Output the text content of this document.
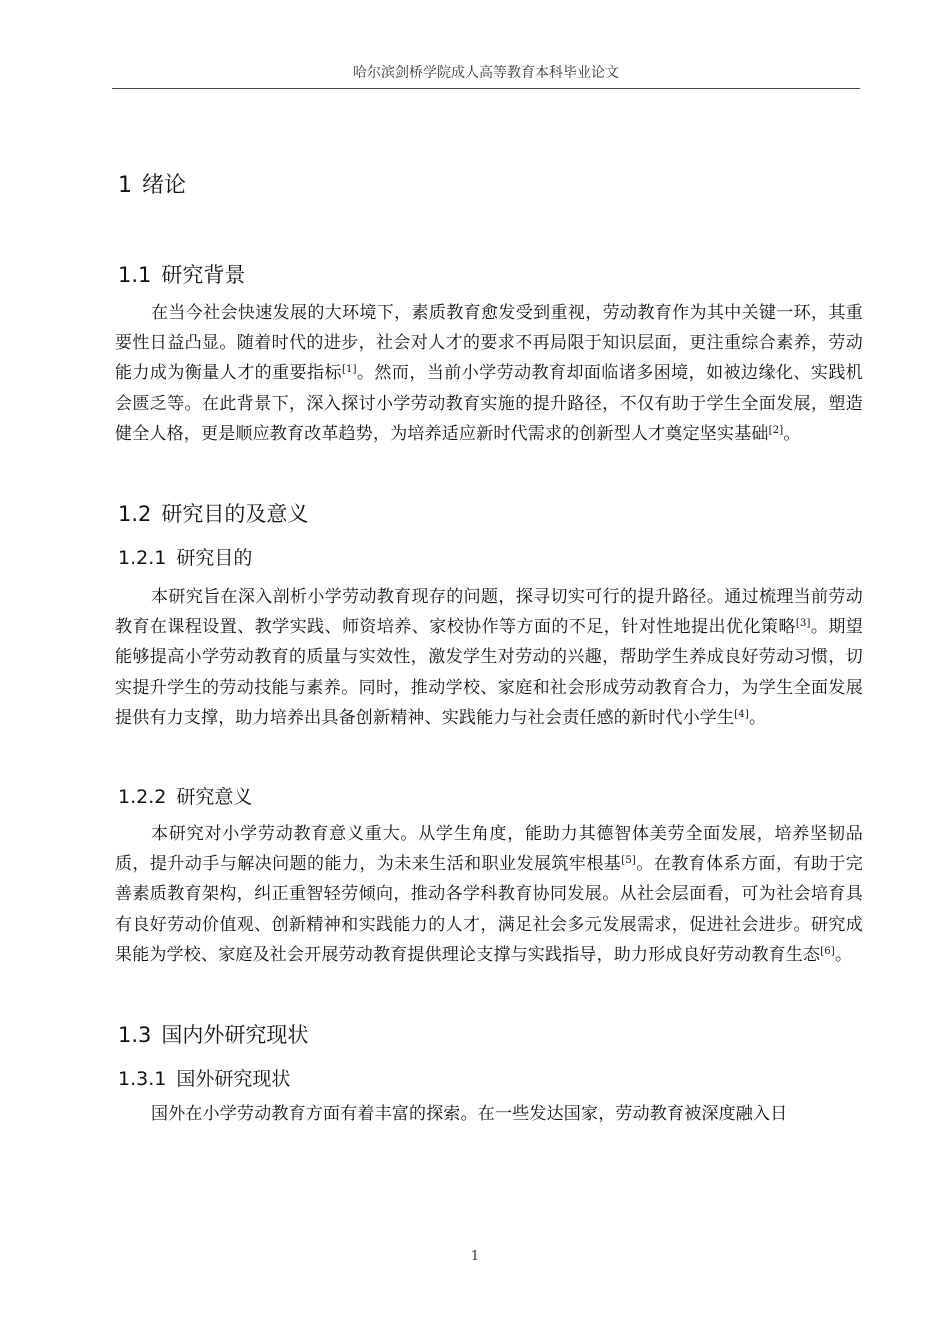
哈尔滨剑桥学院成人高等教育本科毕业论文
1 绪论
1.1 研究背景

在当今社会快速发展的大环境下，素质教育愈发受到重视，劳动教育作为其中关键一环，其重要性日益凸显。随着时代的进步，社会对人才的要求不再局限于知识层面，更注重综合素养，劳动能力成为衡量人才的重要指标[1]。然而，当前小学劳动教育却面临诸多困境，如被边缘化、实践机会匮乏等。在此背景下，深入探讨小学劳动教育实施的提升路径，不仅有助于学生全面发展，塑造健全人格，更是顺应教育改革趋势，为培养适应新时代需求的创新型人才奠定坚实基础[2]。

1.2 研究目的及意义
1.2.1 研究目的

本研究旨在深入剖析小学劳动教育现存的问题，探寻切实可行的提升路径。通过梳理当前劳动教育在课程设置、教学实践、师资培养、家校协作等方面的不足，针对性地提出优化策略[3]。期望能够提高小学劳动教育的质量与实效性，激发学生对劳动的兴趣，帮助学生养成良好劳动习惯，切实提升学生的劳动技能与素养。同时，推动学校、家庭和社会形成劳动教育合力，为学生全面发展提供有力支撑，助力培养出具备创新精神、实践能力与社会责任感的新时代小学生[4]。

1.2.2 研究意义

本研究对小学劳动教育意义重大。从学生角度，能助力其德智体美劳全面发展，培养坚韧品质，提升动手与解决问题的能力，为未来生活和职业发展筑牢根基[5]。在教育体系方面，有助于完善素质教育架构，纠正重智轻劳倾向，推动各学科教育协同发展。从社会层面看，可为社会培育具有良好劳动价值观、创新精神和实践能力的人才，满足社会多元发展需求，促进社会进步。研究成果能为学校、家庭及社会开展劳动教育提供理论支撑与实践指导，助力形成良好劳动教育生态[6]。

1.3 国内外研究现状
1.3.1 国外研究现状

国外在小学劳动教育方面有着丰富的探索。在一些发达国家，劳动教育被深度融入日

1
